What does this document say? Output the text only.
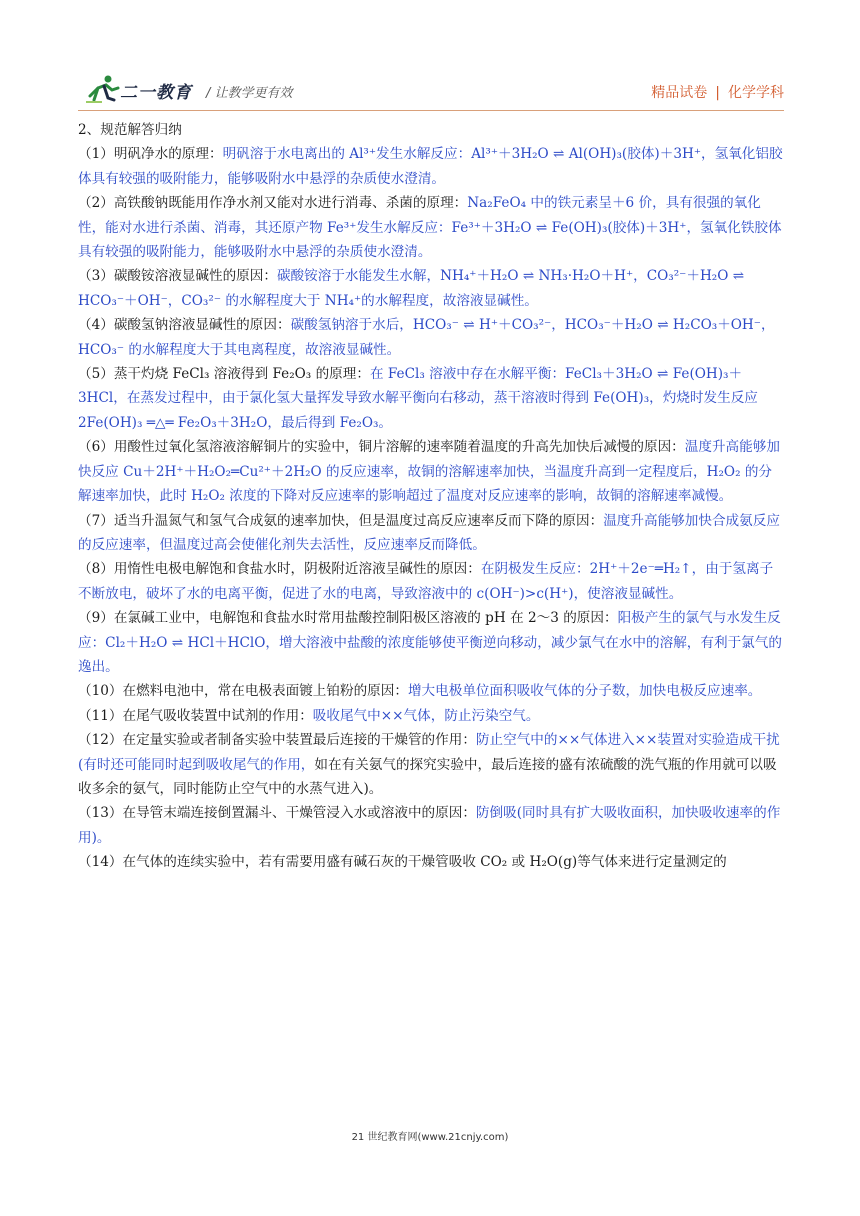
二一教育 / 让教学更有效	精品试卷 | 化学学科

2、规范解答归纳

（1）明矾净水的原理：明矾溶于水电离出的 Al³⁺发生水解反应：Al³⁺＋3H₂O ⇌ Al(OH)₃(胶体)＋3H⁺，氢氧化铝胶体具有较强的吸附能力，能够吸附水中悬浮的杂质使水澄清。

（2）高铁酸钠既能用作净水剂又能对水进行消毒、杀菌的原理：Na₂FeO₄ 中的铁元素呈＋6 价，具有很强的氧化性，能对水进行杀菌、消毒，其还原产物 Fe³⁺发生水解反应：Fe³⁺＋3H₂O ⇌ Fe(OH)₃(胶体)＋3H⁺，氢氧化铁胶体具有较强的吸附能力，能够吸附水中悬浮的杂质使水澄清。

（3）碳酸铵溶液显碱性的原因：碳酸铵溶于水能发生水解，NH₄⁺＋H₂O ⇌ NH₃·H₂O＋H⁺，CO₃²⁻＋H₂O ⇌ HCO₃⁻＋OH⁻，CO₃²⁻ 的水解程度大于 NH₄⁺的水解程度，故溶液显碱性。

（4）碳酸氢钠溶液显碱性的原因：碳酸氢钠溶于水后，HCO₃⁻ ⇌ H⁺＋CO₃²⁻，HCO₃⁻＋H₂O ⇌ H₂CO₃＋OH⁻，HCO₃⁻ 的水解程度大于其电离程度，故溶液显碱性。

（5）蒸干灼烧 FeCl₃ 溶液得到 Fe₂O₃ 的原理：在 FeCl₃ 溶液中存在水解平衡：FeCl₃＋3H₂O ⇌ Fe(OH)₃＋3HCl，在蒸发过程中，由于氯化氢大量挥发导致水解平衡向右移动，蒸干溶液时得到 Fe(OH)₃，灼烧时发生反应 2Fe(OH)₃ ═△═ Fe₂O₃＋3H₂O，最后得到 Fe₂O₃。

（6）用酸性过氧化氢溶液溶解铜片的实验中，铜片溶解的速率随着温度的升高先加快后减慢的原因：温度升高能够加快反应 Cu＋2H⁺＋H₂O₂═Cu²⁺＋2H₂O 的反应速率，故铜的溶解速率加快，当温度升高到一定程度后，H₂O₂ 的分解速率加快，此时 H₂O₂ 浓度的下降对反应速率的影响超过了温度对反应速率的影响，故铜的溶解速率减慢。

（7）适当升温氮气和氢气合成氨的速率加快，但是温度过高反应速率反而下降的原因：温度升高能够加快合成氨反应的反应速率，但温度过高会使催化剂失去活性，反应速率反而降低。

（8）用惰性电极电解饱和食盐水时，阴极附近溶液呈碱性的原因：在阴极发生反应：2H⁺＋2e⁻═H₂↑，由于氢离子不断放电，破坏了水的电离平衡，促进了水的电离，导致溶液中的 c(OH⁻)>c(H⁺)，使溶液显碱性。

（9）在氯碱工业中，电解饱和食盐水时常用盐酸控制阳极区溶液的 pH 在 2～3 的原因：阳极产生的氯气与水发生反应：Cl₂＋H₂O ⇌ HCl＋HClO，增大溶液中盐酸的浓度能够使平衡逆向移动，减少氯气在水中的溶解，有利于氯气的逸出。

（10）在燃料电池中，常在电极表面镀上铂粉的原因：增大电极单位面积吸收气体的分子数，加快电极反应速率。

（11）在尾气吸收装置中试剂的作用：吸收尾气中××气体，防止污染空气。

（12）在定量实验或者制备实验中装置最后连接的干燥管的作用：防止空气中的××气体进入××装置对实验造成干扰(有时还可能同时起到吸收尾气的作用，如在有关氨气的探究实验中，最后连接的盛有浓硫酸的洗气瓶的作用就可以吸收多余的氨气，同时能防止空气中的水蒸气进入)。

（13）在导管末端连接倒置漏斗、干燥管浸入水或溶液中的原因：防倒吸(同时具有扩大吸收面积，加快吸收速率的作用)。

（14）在气体的连续实验中，若有需要用盛有碱石灰的干燥管吸收 CO₂ 或 H₂O(g)等气体来进行定量测定的

21 世纪教育网(www.21cnjy.com)
